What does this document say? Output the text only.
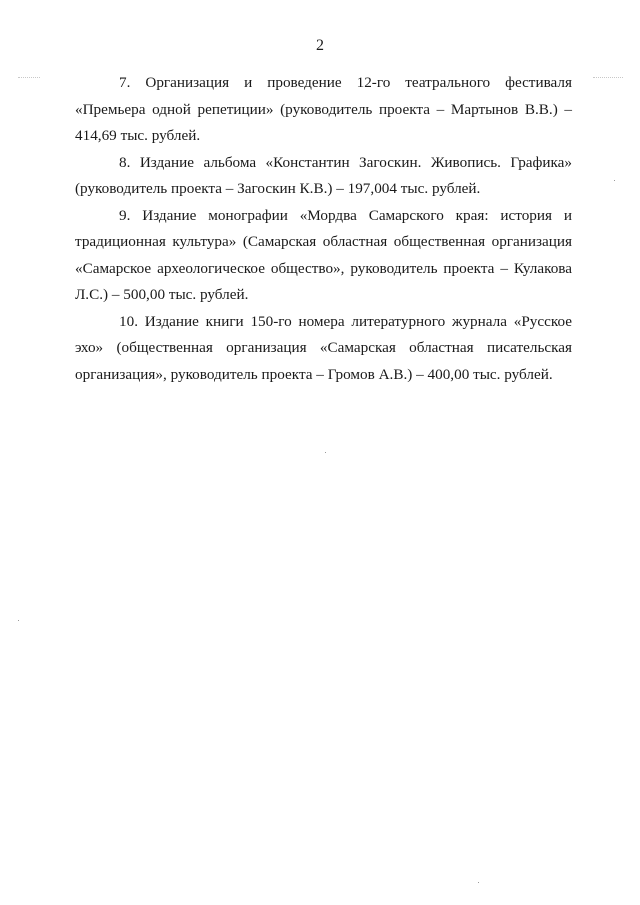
2

7. Организация и проведение 12-го театрального фестиваля «Премьера одной репетиции» (руководитель проекта – Мартынов В.В.) – 414,69 тыс. рублей.

8. Издание альбома «Константин Загоскин. Живопись. Графика» (руководитель проекта – Загоскин К.В.) – 197,004 тыс. рублей.

9. Издание монографии «Мордва Самарского края: история и традиционная культура» (Самарская областная общественная организация «Самарское археологическое общество», руководитель проекта – Кулакова Л.С.) – 500,00 тыс. рублей.

10. Издание книги 150-го номера литературного журнала «Русское эхо» (общественная организация «Самарская областная писательская организация», руководитель проекта – Громов А.В.) – 400,00 тыс. рублей.
